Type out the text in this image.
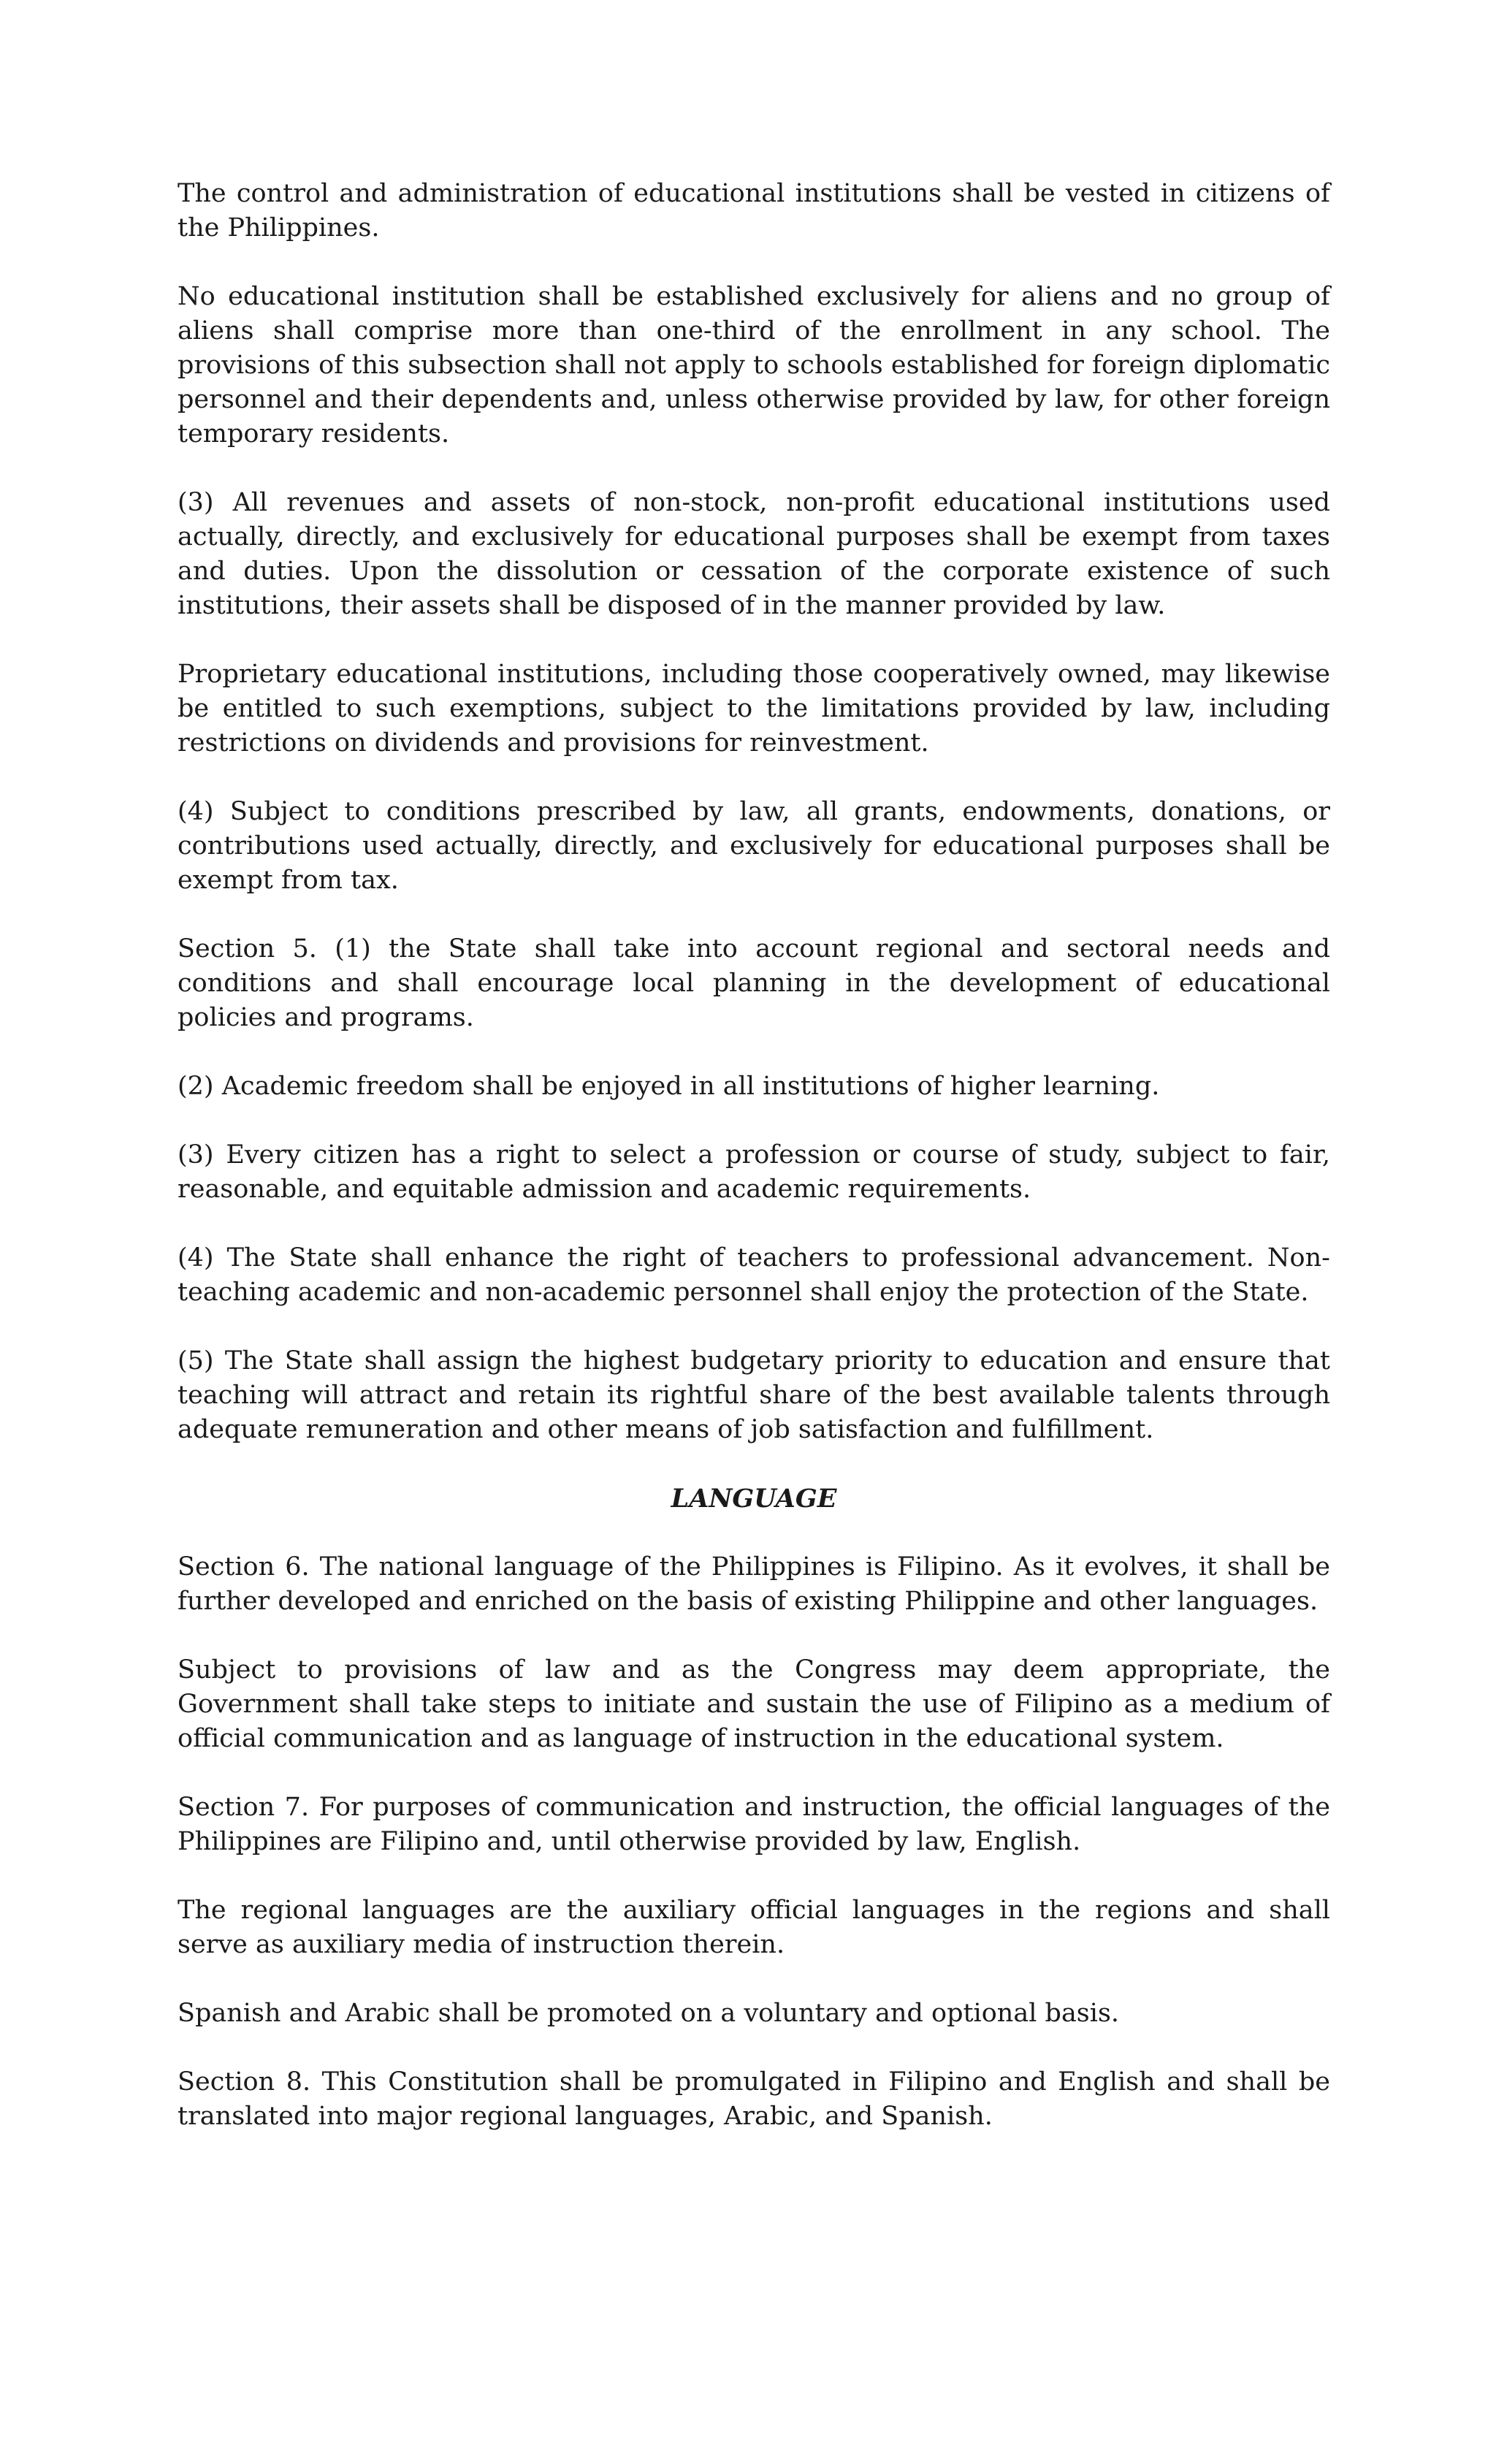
The control and administration of educational institutions shall be vested in citizens of the Philippines.

No educational institution shall be established exclusively for aliens and no group of aliens shall comprise more than one-third of the enrollment in any school. The provisions of this subsection shall not apply to schools established for foreign diplomatic personnel and their dependents and, unless otherwise provided by law, for other foreign temporary residents.

(3) All revenues and assets of non-stock, non-profit educational institutions used actually, directly, and exclusively for educational purposes shall be exempt from taxes and duties. Upon the dissolution or cessation of the corporate existence of such institutions, their assets shall be disposed of in the manner provided by law.

Proprietary educational institutions, including those cooperatively owned, may likewise be entitled to such exemptions, subject to the limitations provided by law, including restrictions on dividends and provisions for reinvestment.

(4) Subject to conditions prescribed by law, all grants, endowments, donations, or contributions used actually, directly, and exclusively for educational purposes shall be exempt from tax.

Section 5. (1) the State shall take into account regional and sectoral needs and conditions and shall encourage local planning in the development of educational policies and programs.

(2) Academic freedom shall be enjoyed in all institutions of higher learning.

(3) Every citizen has a right to select a profession or course of study, subject to fair, reasonable, and equitable admission and academic requirements.

(4) The State shall enhance the right of teachers to professional advancement. Non-teaching academic and non-academic personnel shall enjoy the protection of the State.

(5) The State shall assign the highest budgetary priority to education and ensure that teaching will attract and retain its rightful share of the best available talents through adequate remuneration and other means of job satisfaction and fulfillment.

LANGUAGE

Section 6. The national language of the Philippines is Filipino. As it evolves, it shall be further developed and enriched on the basis of existing Philippine and other languages.

Subject to provisions of law and as the Congress may deem appropriate, the Government shall take steps to initiate and sustain the use of Filipino as a medium of official communication and as language of instruction in the educational system.

Section 7. For purposes of communication and instruction, the official languages of the Philippines are Filipino and, until otherwise provided by law, English.

The regional languages are the auxiliary official languages in the regions and shall serve as auxiliary media of instruction therein.

Spanish and Arabic shall be promoted on a voluntary and optional basis.

Section 8. This Constitution shall be promulgated in Filipino and English and shall be translated into major regional languages, Arabic, and Spanish.
